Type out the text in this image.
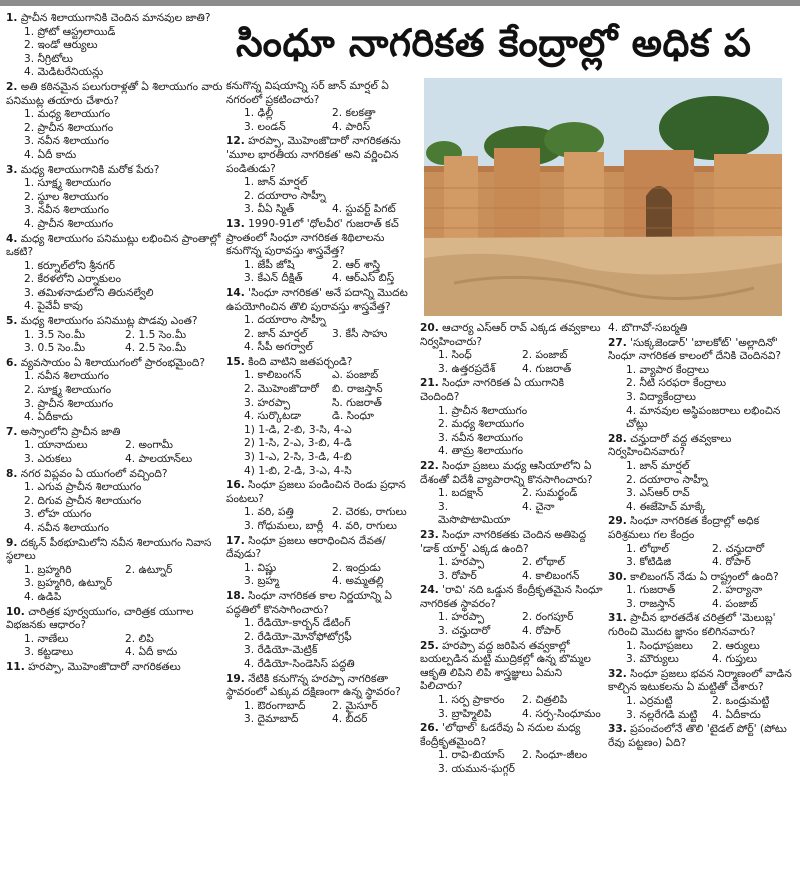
సింధూ నాగరికత కేంద్రాల్లో అధిక ప
1. ప్రాచీన శిలాయుగానికి చెందిన మానవుల జాతి?
1. ప్రోటో ఆస్ట్రలాయిడ్
2. ఇండో ఆర్యులు
3. నీగ్రిటోలు
4. మెడిటరేనియన్లు
2. అతి కఠినమైన పలుగురాళ్లతో ఏ శిలాయుగం వారు పనిముట్ల తయారు చేశారు?
1. మధ్య శిలాయుగం
2. ప్రాచీన శిలాయుగం
3. నవీన శిలాయుగం
4. ఏదీ కాదు
3. మధ్య శిలాయుగానికి మరోక పేరు?
1. సూక్ష్మ శిలాయుగం
2. స్థూల శిలాయుగం
3. నవీన శిలాయుగం
4. ప్రాచీన శిలాయుగం
4. మధ్య శిలాయుగం పనిముట్లు లభించిన ప్రాంతాల్లో ఒకటి?
1. కర్నూల్‌లోని శ్రీనగర్
2. కేరళలోని ఎర్నాకులం
3. తమిళనాడులోని తిరునల్వేలి
4. పైవేవీ కావు
5. మధ్య శిలాయుగం పనిముట్ల పొడవు ఎంత?
1. 3.5 సెం.మీ	2. 1.5 సెం.మీ
3. 0.5 సెం.మీ	4. 2.5 సెం.మీ
6. వ్యవసాయం ఏ శిలాయుగంలో ప్రారంభమైంది?
1. నవీన శిలాయుగం
2. సూక్ష్మ శిలాయుగం
3. ప్రాచీన శిలాయుగం
4. ఏదీకాదు
7. అస్సాంలోని ప్రాచీన జాతి
1. యానాదులు	2. అంగామీ
3. ఎరుకలు	4. పాలయాన్‌లు
8. నగర విప్లవం ఏ యుగంలో వచ్చింది?
1. ఎగువ ప్రాచీన శిలాయుగం
2. దిగువ ప్రాచీన శిలాయుగం
3. లోహ యుగం
4. నవీన శిలాయుగం
9. దక్కన్ పీఠభూమిలోని నవీన శిలాయుగం నివాస స్థలాలు
1. బ్రహ్మగిరి	2. ఉట్నూర్
3. బ్రహ్మగిరి, ఉట్నూర్
4. ఉడిపి
10. చారిత్రక పూర్వయుగం, చారిత్రక యుగాల విభజనకు ఆధారం?
1. నాణేలు	2. లిపి
3. కట్టడాలు	4. ఏదీ కాదు
11. హరప్పా, మొహెంజొదారో నాగరికతలు
కనుగొన్న విషయాన్ని సర్ జాన్ మార్షల్ ఏ నగరంలో ప్రకటించారు?
1. ఢిల్లీ	2. కలకత్తా
3. లండన్	4. పారిస్
12. హరప్పా, మొహెంజొదారో నాగరికతను 'మూల భారతీయ నాగరికత' అని వర్ణించిన పండితుడు?
1. జాన్ మార్షల్
2. దయారాం సాహ్నీ
3. వీఏ స్మిత్	4. స్టువర్ట్ పిగట్
13. 1990-91లో 'ధోలవీర' గుజరాత్ కచ్ ప్రాంతంలో సింధూ నాగరికత శిథిలాలను కనుగొన్న పురావస్తు శాస్త్రవేత్త?
1. జేపీ జోషి	2. ఆర్ శాస్త్రి
3. కేఎన్ దీక్షిత్	4. ఆర్ఎస్ బిస్త్
14. 'సింధూ నాగరికత' అనే పదాన్ని మొదట ఉపయోగించిన తొలి పురావస్తు శాస్త్రవేత్త?
1. దయారాం సాహ్నీ
2. జాన్ మార్షల్	3. కేసీ సాహు
4. సీపీ అగర్వాల్
15. కింది వాటిని జతపర్చండి?
1. కాలిబంగన్	ఎ. పంజాబ్
2. మొహెంజొదారో	బి. రాజస్తాన్
3. హరప్పా	సి. గుజరాత్
4. సుర్కొటడా	డి. సింధూ
1) 1-డి, 2-బి, 3-సి, 4-ఎ
2) 1-సి, 2-ఎ, 3-బి, 4-డి
3) 1-ఎ, 2-సి, 3-డి, 4-బి
4) 1-బి, 2-డి, 3-ఎ, 4-సి
16. సింధూ ప్రజలు పండించిన రెండు ప్రధాన పంటలు?
1. వరి, పత్తి	2. చెరకు, రాగులు
3. గోధుమలు, బార్లీ 4. వరి, రాగులు
17. సింధూ ప్రజలు ఆరాధించిన దేవత/దేవుడు?
1. విష్ణు	2. ఇంద్రుడు
3. బ్రహ్మ	4. అమ్మతల్లి
18. సింధూ నాగరికత కాల నిర్ణయాన్ని ఏ పద్ధతిలో కొనసాగించారు?
1. రేడియో-కార్బన్ డేటింగ్
2. రేడియో-మోనోఫోటోగ్రఫీ
3. రేడియో-మెట్రిక్
4. రేడియో-సిండెసిస్ పద్ధతి
19. నేటికి కనుగొన్న హరప్పా నాగరికతా స్థావరంలో ఎక్కువ దక్షిణంగా ఉన్న స్థావరం?
1. ఔరంగాబాద్	2. మైసూర్
3. దైమాబాద్	4. బీదర్
20. ఆచార్య ఎస్ఆర్ రావ్ ఎక్కడ తవ్వకాలు నిర్వహించారు?
1. సింధ్	2. పంజాబ్
3. ఉత్తరప్రదేశ్	4. గుజరాత్
21. సింధూ నాగరికత ఏ యుగానికి చెందింది?
1. ప్రాచీన శిలాయుగం
2. మధ్య శిలాయుగం
3. నవీన శిలాయుగం
4. తామ్ర శిలాయుగం
22. సింధూ ప్రజలు మధ్య ఆసియాలోని ఏ దేశంతో విదేశీ వ్యాపారాన్ని కొనసాగించారు?
1. బదక్షాన్	2. సుమర్ఖండ్
3. మెసొపొటామియా
4. చైనా
23. సింధూ నాగరికతకు చెందిన అతిపెద్ద 'డాక్ యార్డ్' ఎక్కడ ఉంది?
1. హరప్పా	2. లోథాల్
3. రోపార్	4. కాలిబంగన్
24. 'రావి' నది ఒడ్డున కేంద్రీకృతమైన సింధూ నాగరికత స్థావరం?
1. హరప్పా	2. రంగపూర్
3. చన్హుదారో	4. రోపార్
25. హరప్పా వద్ద జరిపిన తవ్వకాల్లో బయల్పడిన మట్టి ముద్రికల్లో ఉన్న బొమ్మల ఆకృతి లిపిని లిపి శాస్త్రజ్ఞులు ఏమని పిలిచారు?
1. సర్ప ప్రాకారం	2. చిత్రలిపి
3. బ్రాహ్మిలిపి	4. సర్ప-సింధూమం
26. 'లోథాల్' ఓడరేవు ఏ నదుల మధ్య కేంద్రీకృతమైంది?
1. రావి-బియాస్	2. సింధూ-జీలం
3. యమున-ఘగ్గర్
4. బొగావో-సబర్మతి
27. 'సుక్కజెండార్' 'బాలకోట్' 'అల్లాదినో' సింధూ నాగరికత కాలంలో దేనికి చెందినవి?
1. వ్యాపార కేంద్రాలు
2. నీటి సరఫరా కేంద్రాలు
3. విద్యాకేంద్రాలు
4. మానవుల అస్థిపంజరాలు లభించిన చోట్లు
28. చన్హుదారో వద్ద తవ్వకాలు నిర్వహించినవారు?
1. జాన్ మార్షల్
2. దయారాం సాహ్నీ
3. ఎస్ఆర్ రావ్
4. ఈజేహెచ్ మాక్కే
29. సింధూ నాగరికత కేంద్రాల్లో అధిక పరిశ్రమలు గల కేంద్రం
1. లోథాల్	2. చన్హుదారో
3. కోటిడిజి	4. రోపార్
30. కాలిబంగన్ నేడు ఏ రాష్ట్రంలో ఉంది?
1. గుజరాత్	2. హర్యానా
3. రాజస్తాన్	4. పంజాబ్
31. ప్రాచీన భారతదేశ చరిత్రలో 'మెలుబ్ల' గురించి మొదట జ్ఞానం కలిగినవారు?
1. సింధూప్రజలు	2. ఆర్యులు
3. మౌర్యులు	4. గుప్తులు
32. సింధూ ప్రజలు భవన నిర్మాణంలో వాడిన కాల్చిన ఇటుకలను ఏ మట్టితో చేశారు?
1. ఎర్రమట్టి	2. ఒండ్రుమట్టి
3. నల్లరేగడి మట్టి	4. ఏదీకాదు
33. ప్రపంచంలోనే తొలి 'టైడల్ పోర్ట్' (పోటు రేవు పట్టణం) ఏది?
